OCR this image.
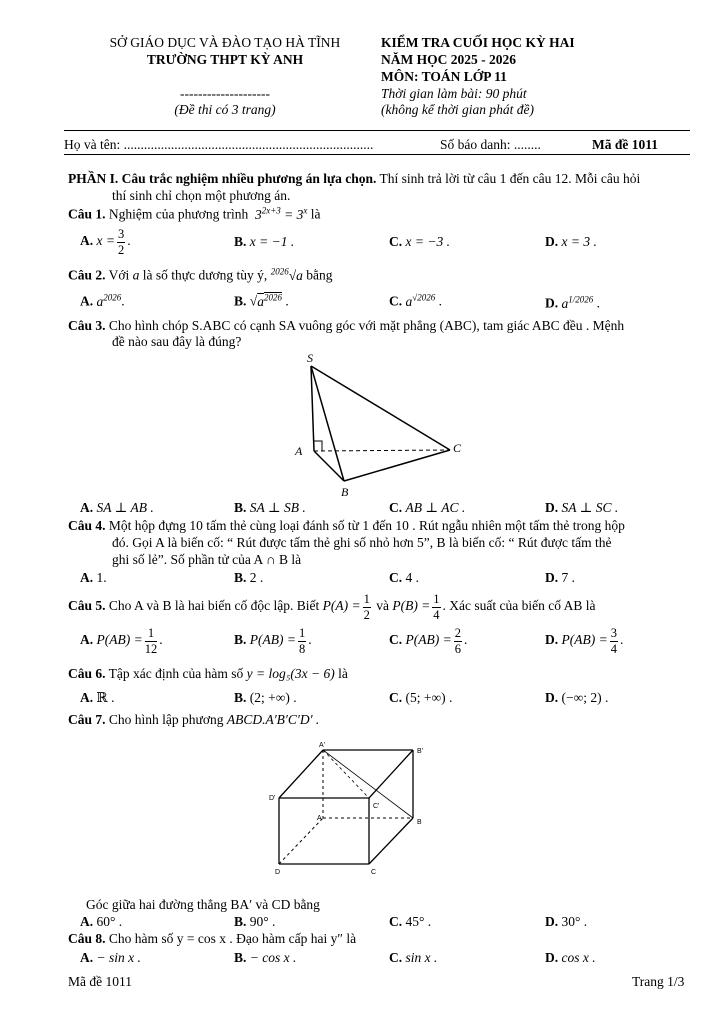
SỞ GIÁO DỤC VÀ ĐÀO TẠO HÀ TĨNH
TRƯỜNG THPT KỲ ANH
--------------------
(Đề thi có 3 trang)
KIỂM TRA CUỐI HỌC KỲ HAI
NĂM HỌC 2025 - 2026
MÔN: TOÁN LỚP 11
Thời gian làm bài: 90 phút
(không kể thời gian phát đề)
Họ và tên: ..........................................................................	Số báo danh: ........	Mã đề 1011
PHẦN I. Câu trắc nghiệm nhiều phương án lựa chọn. Thí sinh trả lời từ câu 1 đến câu 12. Mỗi câu hỏi
thí sinh chỉ chọn một phương án.
Câu 1. Nghiệm của phương trình  $3^{2x+3} = 3^x$ là
A. $x = \frac{3}{2}$ .	B. x = −1 .	C. x = −3 .	D. x = 3 .
Câu 2. Với a là số thực dương tùy ý, $^{2026}$√a bằng
A. $a^{2026}$.	B. $√a^{2026}$ .	C. $a^{√2026}$ .	D. $a^{1/2026}$ .
Câu 3. Cho hình chóp S.ABC có cạnh SA vuông góc với mặt phẳng (ABC), tam giác ABC đều . Mệnh
đề nào sau đây là đúng?
S
A
B
C
A. SA ⊥ AB .	B. SA ⊥ SB .	C. AB ⊥ AC .	D. SA ⊥ SC .
Câu 4. Một hộp đựng 10 tấm thẻ cùng loại đánh số từ 1 đến 10 . Rút ngẫu nhiên một tấm thẻ trong hộp
đó. Gọi A là biến cố: “ Rút được tấm thẻ ghi số nhỏ hơn 5”, B là biến cố: “ Rút được tấm thẻ
ghi số lẻ”. Số phần tử của A ∩ B là
A. 1.	B. 2 .	C. 4 .	D. 7 .
Câu 5. Cho A và B là hai biến cố độc lập. Biết $P(A) = \frac{1}{2}$ và $P(B) = \frac{1}{4}$ . Xác suất của biến cố AB là
A. $P(AB) = \frac{1}{12}$ .	B. $P(AB) = \frac{1}{8}$ .	C. $P(AB) = \frac{2}{6}$ .	D. $P(AB) = \frac{3}{4}$ .
Câu 6. Tập xác định của hàm số y = log₅(3x − 6) là
A. ℝ .	B. (2; +∞) .	C. (5; +∞) .	D. (−∞; 2) .
Câu 7. Cho hình lập phương ABCD.A′B′C′D′ .
A'
B'
C'
D'
A
B
C
D
Góc giữa hai đường thẳng BA′ và CD bằng
A. 60° .	B. 90° .	C. 45° .	D. 30° .
Câu 8. Cho hàm số y = cos x . Đạo hàm cấp hai y″ là
A. − sin x .	B. − cos x .	C. sin x .	D. cos x .
Mã đề 1011	Trang 1/3
